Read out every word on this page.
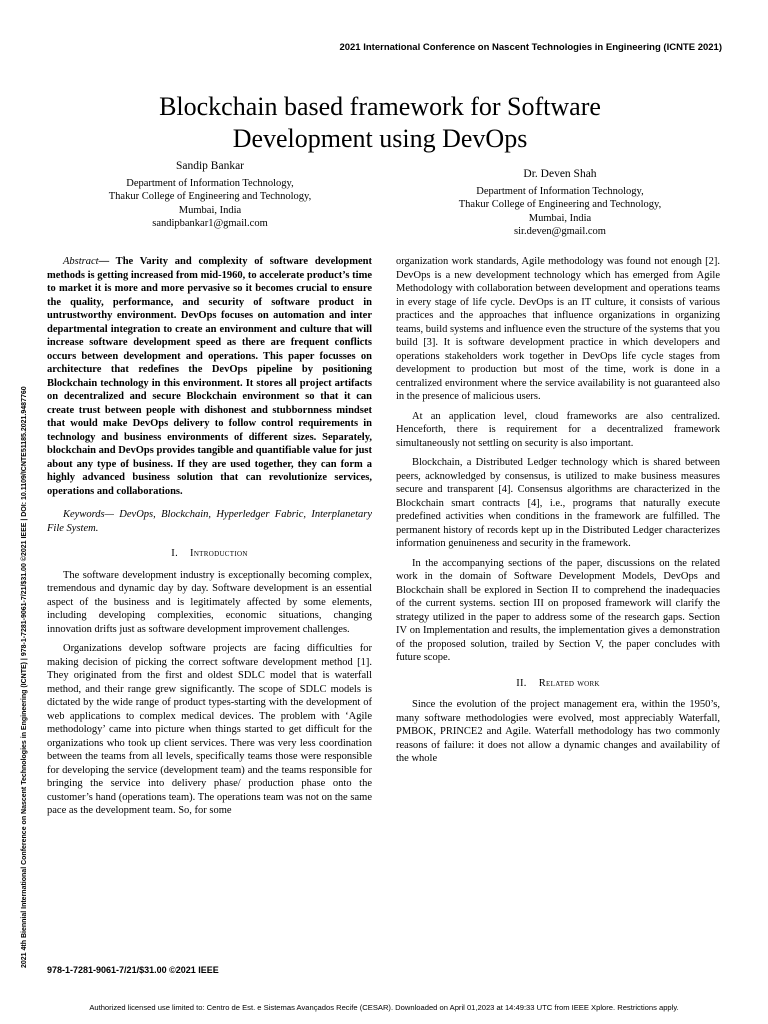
2021 International Conference on Nascent Technologies in Engineering (ICNTE 2021)
Blockchain based framework for Software
Development using DevOps
Sandip Bankar
Department of Information Technology,
Thakur College of Engineering and Technology,
Mumbai, India
sandipbankar1@gmail.com
Dr. Deven Shah
Department of Information Technology,
Thakur College of Engineering and Technology,
Mumbai, India
sir.deven@gmail.com
2021 4th Biennial International Conference on Nascent Technologies in Engineering (ICNTE) | 978-1-7281-9061-7/21/$31.00 ©2021 IEEE | DOI: 10.1109/ICNTE51185.2021.9487760

Abstract— The Varity and complexity of software development methods is getting increased from mid-1960, to accelerate product’s time to market it is more and more pervasive so it becomes crucial to ensure the quality, performance, and security of software product in untrustworthy environment. DevOps focuses on automation and inter departmental integration to create an environment and culture that will increase software development speed as there are frequent conflicts occurs between development and operations. This paper focusses on architecture that redefines the DevOps pipeline by positioning Blockchain technology in this environment. It stores all project artifacts on decentralized and secure Blockchain environment so that it can create trust between people with dishonest and stubbornness mindset that would make DevOps delivery to follow control requirements in technology and business environments of different sizes. Separately, blockchain and DevOps provides tangible and quantifiable value for just about any type of business. If they are used together, they can form a highly advanced business solution that can revolutionize services, operations and collaborations.

Keywords— DevOps, Blockchain, Hyperledger Fabric, Interplanetary File System.

I. Introduction

The software development industry is exceptionally becoming complex, tremendous and dynamic day by day. Software development is an essential aspect of the business and is legitimately affected by some elements, including developing complexities, economic situations, changing innovation drifts just as software development improvement challenges.

Organizations develop software projects are facing difficulties for making decision of picking the correct software development method [1]. They originated from the first and oldest SDLC model that is waterfall method, and their range grew significantly. The scope of SDLC models is dictated by the wide range of product types-starting with the development of web applications to complex medical devices. The problem with ‘Agile methodology’ came into picture when things started to get difficult for the organizations who took up client services. There was very less coordination between the teams from all levels, specifically teams those were responsible for developing the service (development team) and the teams responsible for bringing the service into delivery phase/ production phase onto the customer’s hand (operations team). The operations team was not on the same pace as the development team. So, for some

organization work standards, Agile methodology was found not enough [2]. DevOps is a new development technology which has emerged from Agile Methodology with collaboration between development and operations teams in every stage of life cycle. DevOps is an IT culture, it consists of various practices and the approaches that influence organizations in organizing teams, build systems and influence even the structure of the systems that you build [3]. It is software development practice in which developers and operations stakeholders work together in DevOps life cycle stages from development to production but most of the time, work is done in a centralized environment where the service availability is not guaranteed also in the presence of malicious users.

At an application level, cloud frameworks are also centralized. Henceforth, there is requirement for a decentralized framework simultaneously not settling on security is also important.

Blockchain, a Distributed Ledger technology which is shared between peers, acknowledged by consensus, is utilized to make business measures secure and transparent [4]. Consensus algorithms are characterized in the Blockchain smart contracts [4], i.e., programs that naturally execute predefined activities when conditions in the framework are fulfilled. The permanent history of records kept up in the Distributed Ledger characterizes information genuineness and security in the framework.

In the accompanying sections of the paper, discussions on the related work in the domain of Software Development Models, DevOps and Blockchain shall be explored in Section II to comprehend the inadequacies of the current systems. section III on proposed framework will clarify the strategy utilized in the paper to address some of the research gaps. Section IV on Implementation and results, the implementation gives a demonstration of the proposed solution, trailed by Section V, the paper concludes with future scope.

II. Related work

Since the evolution of the project management era, within the 1950’s, many software methodologies were evolved, most appreciably Waterfall, PMBOK, PRINCE2 and Agile. Waterfall methodology has two commonly reasons of failure: it does not allow a dynamic changes and availability of the whole

978-1-7281-9061-7/21/$31.00 ©2021 IEEE
Authorized licensed use limited to: Centro de Est. e Sistemas Avançados Recife (CESAR). Downloaded on April 01,2023 at 14:49:33 UTC from IEEE Xplore. Restrictions apply.
